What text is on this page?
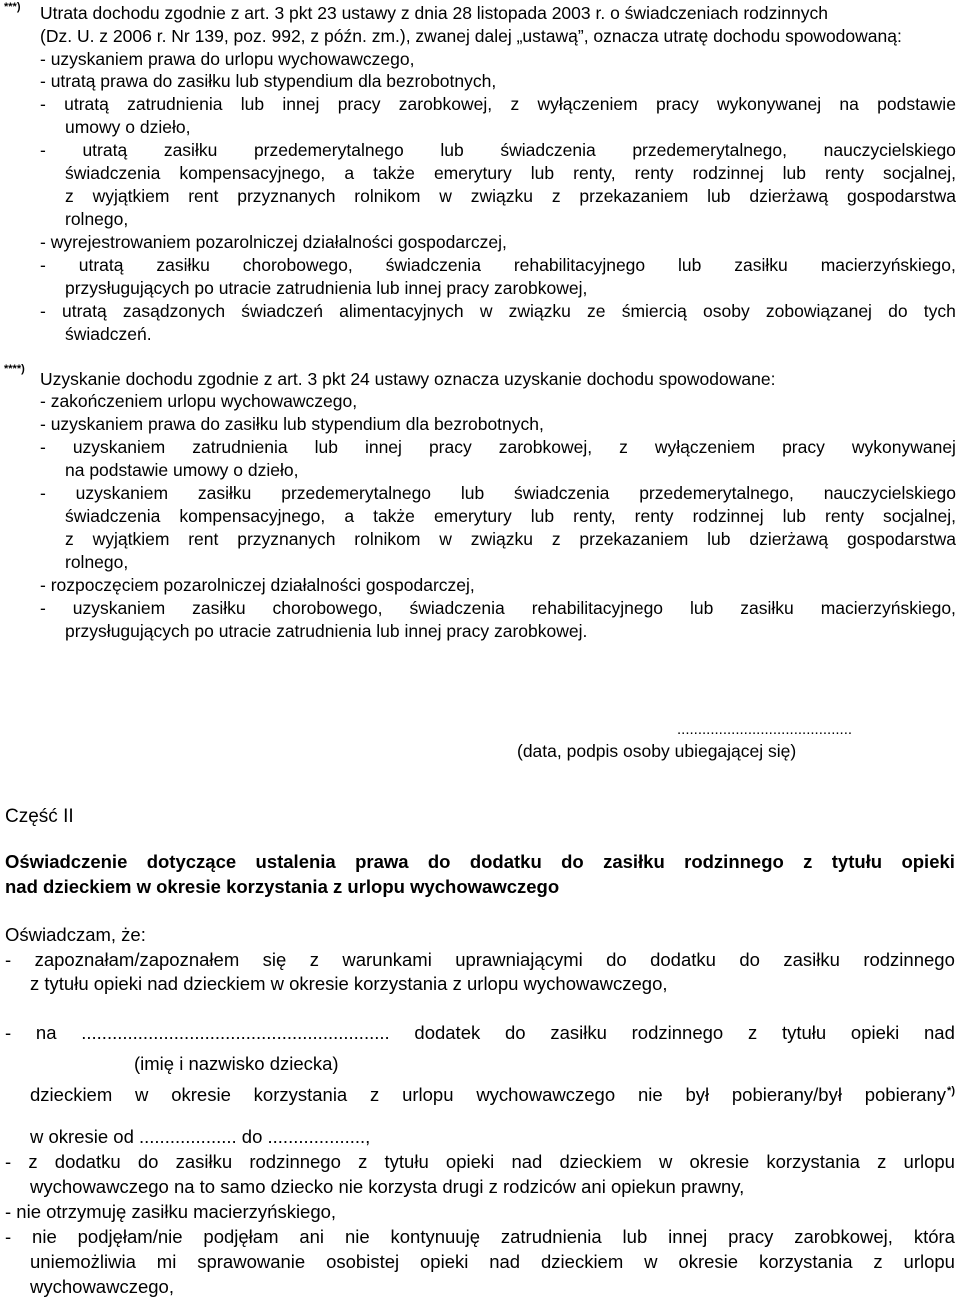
***) Utrata dochodu zgodnie z art. 3 pkt 23 ustawy z dnia 28 listopada 2003 r. o świadczeniach rodzinnych
(Dz. U. z 2006 r. Nr 139, poz. 992, z późn. zm.), zwanej dalej „ustawą”, oznacza utratę dochodu spowodowaną:
- uzyskaniem prawa do urlopu wychowawczego,
- utratą prawa do zasiłku lub stypendium dla bezrobotnych,
- utratą zatrudnienia lub innej pracy zarobkowej, z wyłączeniem pracy wykonywanej na podstawie
umowy o dzieło,
- utratą zasiłku przedemerytalnego lub świadczenia przedemerytalnego, nauczycielskiego
świadczenia kompensacyjnego, a także emerytury lub renty, renty rodzinnej lub renty socjalnej,
z wyjątkiem rent przyznanych rolnikom w związku z przekazaniem lub dzierżawą gospodarstwa
rolnego,
- wyrejestrowaniem pozarolniczej działalności gospodarczej,
- utratą zasiłku chorobowego, świadczenia rehabilitacyjnego lub zasiłku macierzyńskiego,
przysługujących po utracie zatrudnienia lub innej pracy zarobkowej,
- utratą zasądzonych świadczeń alimentacyjnych w związku ze śmiercią osoby zobowiązanej do tych
świadczeń.
****) Uzyskanie dochodu zgodnie z art. 3 pkt 24 ustawy oznacza uzyskanie dochodu spowodowane:
- zakończeniem urlopu wychowawczego,
- uzyskaniem prawa do zasiłku lub stypendium dla bezrobotnych,
- uzyskaniem zatrudnienia lub innej pracy zarobkowej, z wyłączeniem pracy wykonywanej
na podstawie umowy o dzieło,
- uzyskaniem zasiłku przedemerytalnego lub świadczenia przedemerytalnego, nauczycielskiego
świadczenia kompensacyjnego, a także emerytury lub renty, renty rodzinnej lub renty socjalnej,
z wyjątkiem rent przyznanych rolnikom w związku z przekazaniem lub dzierżawą gospodarstwa
rolnego,
- rozpoczęciem pozarolniczej działalności gospodarczej,
- uzyskaniem zasiłku chorobowego, świadczenia rehabilitacyjnego lub zasiłku macierzyńskiego,
przysługujących po utracie zatrudnienia lub innej pracy zarobkowej.
..........................................
(data, podpis osoby ubiegającej się)
Część II
Oświadczenie dotyczące ustalenia prawa do dodatku do zasiłku rodzinnego z tytułu opieki
nad dzieckiem w okresie korzystania z urlopu wychowawczego
Oświadczam, że:
- zapoznałam/zapoznałem się z warunkami uprawniającymi do dodatku do zasiłku rodzinnego
z tytułu opieki nad dzieckiem w okresie korzystania z urlopu wychowawczego,
- na ............................................................ dodatek do zasiłku rodzinnego z tytułu opieki nad
(imię i nazwisko dziecka)
dzieckiem w okresie korzystania z urlopu wychowawczego nie był pobierany/był pobierany *)
w okresie od ................... do ...................,
- z dodatku do zasiłku rodzinnego z tytułu opieki nad dzieckiem w okresie korzystania z urlopu
wychowawczego na to samo dziecko nie korzysta drugi z rodziców ani opiekun prawny,
- nie otrzymuję zasiłku macierzyńskiego,
- nie podjęłam/nie podjęłam ani nie kontynuuję zatrudnienia lub innej pracy zarobkowej, która
uniemożliwia mi sprawowanie osobistej opieki nad dzieckiem w okresie korzystania z urlopu
wychowawczego,
